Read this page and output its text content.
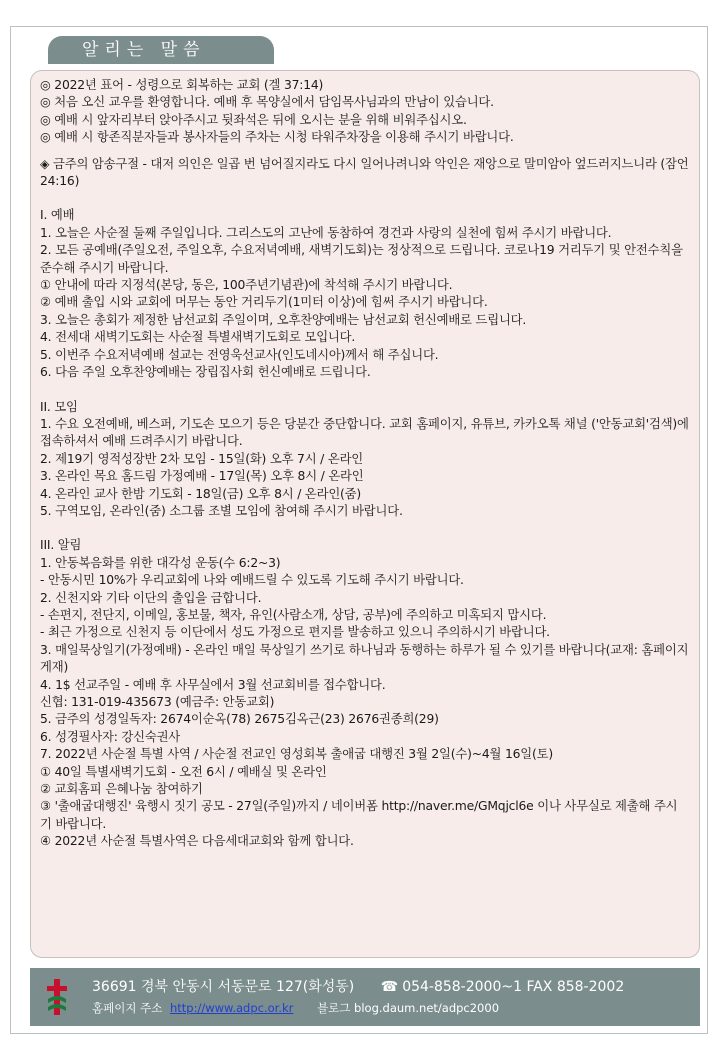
알리는 말씀

◎ 2022년 표어 - 성령으로 회복하는 교회 (겔 37:14)

◎ 처음 오신 교우를 환영합니다. 예배 후 목양실에서 담임목사님과의 만남이 있습니다.

◎ 예배 시 앞자리부터 앉아주시고 뒷좌석은 뒤에 오시는 분을 위해 비워주십시오.

◎ 예배 시 항존직분자들과 봉사자들의 주차는 시청 타워주차장을 이용해 주시기 바랍니다.

◈ 금주의 암송구절 - 대저 의인은 일곱 번 넘어질지라도 다시 일어나려니와 악인은 재앙으로 말미암아 엎드러지느니라 (잠언24:16)

I. 예배

1. 오늘은 사순절 둘째 주일입니다. 그리스도의 고난에 동참하여 경건과 사랑의 실천에 힘써 주시기 바랍니다.

2. 모든 공예배(주일오전, 주일오후, 수요저녁예배, 새벽기도회)는 정상적으로 드립니다. 코로나19 거리두기 및 안전수칙을 준수해 주시기 바랍니다.

① 안내에 따라 지정석(본당, 동은, 100주년기념관)에 착석해 주시기 바랍니다.

② 예배 출입 시와 교회에 머무는 동안 거리두기(1미터 이상)에 힘써 주시기 바랍니다.

3. 오늘은 총회가 제정한 남선교회 주일이며, 오후찬양예배는 남선교회 헌신예배로 드립니다.

4. 전세대 새벽기도회는 사순절 특별새벽기도회로 모입니다.

5. 이번주 수요저녁예배 설교는 전영욱선교사(인도네시아)께서 해 주십니다.

6. 다음 주일 오후찬양예배는 장립집사회 헌신예배로 드립니다.

II. 모임

1. 수요 오전예배, 베스퍼, 기도손 모으기 등은 당분간 중단합니다. 교회 홈페이지, 유튜브, 카카오톡 채널 ('안동교회'검색)에 접속하셔서 예배 드려주시기 바랍니다.

2. 제19기 영적성장반 2차 모임 - 15일(화) 오후 7시 / 온라인

3. 온라인 목요 홈드림 가정예배 - 17일(목) 오후 8시 / 온라인

4. 온라인 교사 한밤 기도회 - 18일(금) 오후 8시 / 온라인(줌)

5. 구역모임, 온라인(줌) 소그룹 조별 모임에 참여해 주시기 바랍니다.

III. 알림

1. 안동복음화를 위한 대각성 운동(수 6:2~3)

- 안동시민 10%가 우리교회에 나와 예배드릴 수 있도록 기도해 주시기 바랍니다.

2. 신천지와 기타 이단의 출입을 금합니다.

- 손편지, 전단지, 이메일, 홍보물, 책자, 유인(사람소개, 상담, 공부)에 주의하고 미혹되지 맙시다.

- 최근 가정으로 신천지 등 이단에서 성도 가정으로 편지를 발송하고 있으니 주의하시기 바랍니다.

3. 매일묵상일기(가정예배) - 온라인 매일 묵상일기 쓰기로 하나님과 동행하는 하루가 될 수 있기를 바랍니다(교재: 홈페이지 게재)

4. 1$ 선교주일 - 예배 후 사무실에서 3월 선교회비를 접수합니다.

신협: 131-019-435673 (예금주: 안동교회)

5. 금주의 성경일독자: 2674이순옥(78) 2675김옥근(23) 2676권종희(29)

6. 성경필사자: 강신숙권사

7. 2022년 사순절 특별 사역 / 사순절 전교인 영성회복 출애굽 대행진 3월 2일(수)~4월 16일(토)

① 40일 특별새벽기도회 - 오전 6시 / 예배실 및 온라인

② 교회홈피 은혜나눔 참여하기

③ '출애굽대행진' 육행시 짓기 공모 - 27일(주일)까지 / 네이버폼 http://naver.me/GMqjcl6e 이나 사무실로 제출해 주시기 바랍니다.

④ 2022년 사순절 특별사역은 다음세대교회와 함께 합니다.

36691 경북 안동시 서동문로 127(화성동) ☎ 054-858-2000~1 FAX 858-2002
홈페이지 주소 http://www.adpc.or.kr 블로그 blog.daum.net/adpc2000
